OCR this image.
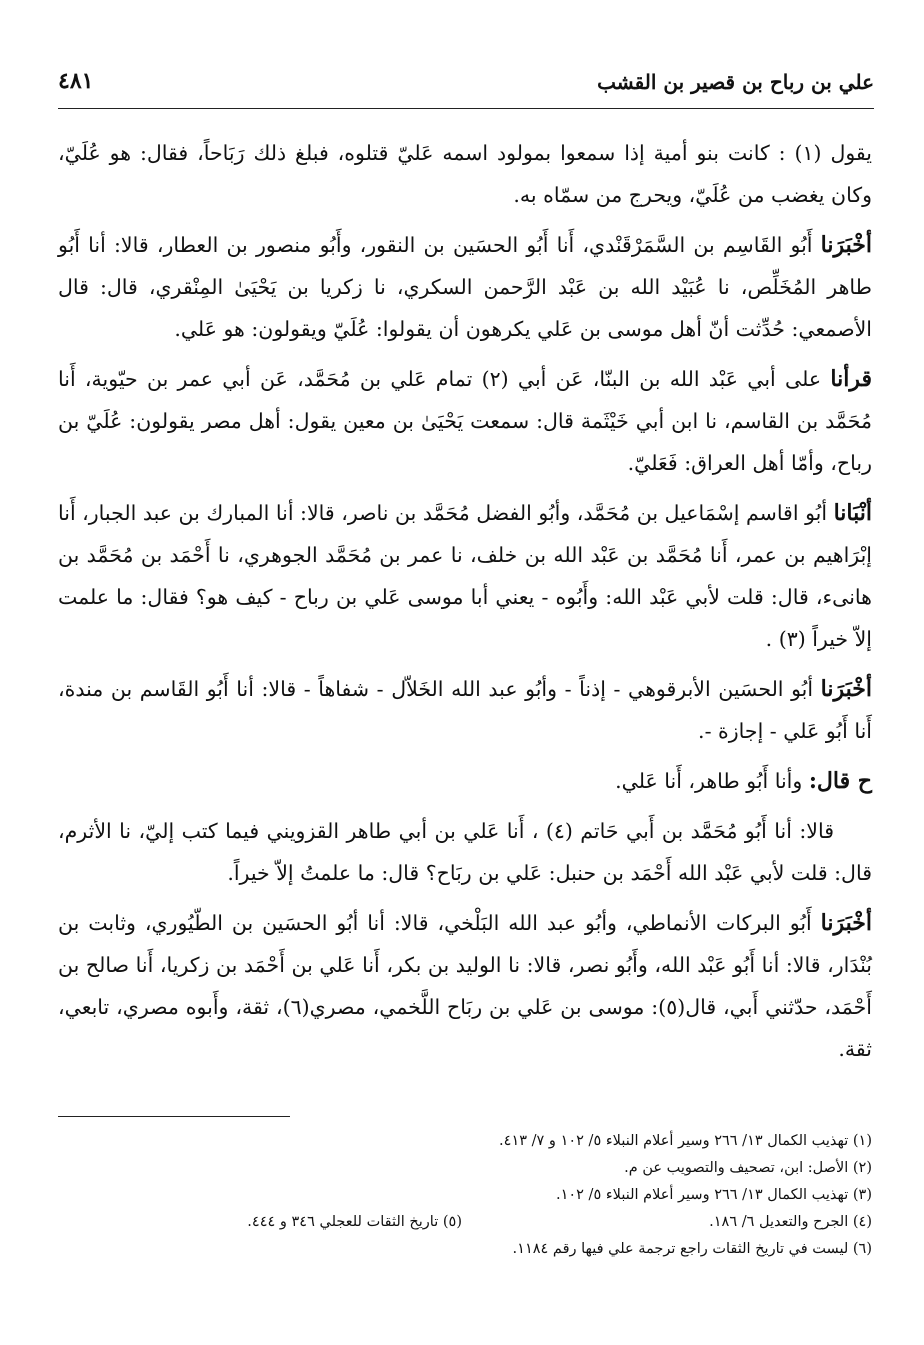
علي بن رباح بن قصير بن القشب
٤٨١

يقول (١) : كانت بنو أمية إذا سمعوا بمولود اسمه عَليّ قتلوه، فبلغ ذلك رَبَاحاً، فقال: هو عُلَيّ، وكان يغضب من عُلَيّ، ويحرج من سمّاه به.

أخْبَرَنا أَبُو القَاسِم بن السَّمَرْقَنْدي، أَنا أَبُو الحسَين بن النقور، وأَبُو منصور بن العطار، قالا: أنا أَبُو طاهر المُخَلِّص، نا عُبَيْد الله بن عَبْد الرَّحمن السكري، نا زكريا بن يَحْيَىٰ المِنْقري، قال: قال الأصمعي: حُدِّثت أنّ أهل موسى بن عَلي يكرهون أن يقولوا: عُلَيّ ويقولون: هو عَلي.

قرأنا على أبي عَبْد الله بن البنّا، عَن أبي (٢) تمام عَلي بن مُحَمَّد، عَن أبي عمر بن حيّوية، أَنا مُحَمَّد بن القاسم، نا ابن أبي خَيْثَمة قال: سمعت يَحْيَىٰ بن معين يقول: أهل مصر يقولون: عُلَيّ بن رباح، وأمّا أهل العراق: فَعَليّ.

أنْبَانا أبُو اقاسم إسْمَاعيل بن مُحَمَّد، وأبُو الفضل مُحَمَّد بن ناصر، قالا: أنا المبارك بن عبد الجبار، أَنا إبْرَاهيم بن عمر، أَنا مُحَمَّد بن عَبْد الله بن خلف، نا عمر بن مُحَمَّد الجوهري، نا أَحْمَد بن مُحَمَّد بن هانىء، قال: قلت لأبي عَبْد الله: وأَبُوه - يعني أبا موسى عَلي بن رباح - كيف هو؟ فقال: ما علمت إلاّ خيراً (٣) .

أخْبَرَنا أبُو الحسَين الأبرقوهي - إذناً - وأبُو عبد الله الخَلاّل - شفاهاً - قالا: أنا أَبُو القَاسم بن مندة، أَنا أَبُو عَلي - إجازة -.

ح قال: وأنا أَبُو طاهر، أَنا عَلي.

قالا: أنا أَبُو مُحَمَّد بن أَبي حَاتم (٤) ، أَنا عَلي بن أبي طاهر القزويني فيما كتب إليّ، نا الأثرم، قال: قلت لأبي عَبْد الله أَحْمَد بن حنبل: عَلي بن ربَاح؟ قال: ما علمتُ إلاّ خيراً.

أخْبَرَنا أَبُو البركات الأنماطي، وأبُو عبد الله البَلْخي، قالا: أنا أبُو الحسَين بن الطّيُوري، وثابت بن بُنْدَار، قالا: أنا أَبُو عَبْد الله، وأَبُو نصر، قالا: نا الوليد بن بكر، أَنا عَلي بن أَحْمَد بن زكريا، أَنا صالح بن أَحْمَد، حدّثني أَبي، قال(٥): موسى بن عَلي بن ربَاح اللَّخمي، مصري(٦)، ثقة، وأَبوه مصري، تابعي، ثقة.

(١) تهذيب الكمال ١٣/ ٢٦٦ وسير أعلام النبلاء ٥/ ١٠٢ و ٧/ ٤١٣.
(٢) الأصل: ابن، تصحيف والتصويب عن م.
(٣) تهذيب الكمال ١٣/ ٢٦٦ وسير أعلام النبلاء ٥/ ١٠٢.
(٤) الجرح والتعديل ٦/ ١٨٦.
(٥) تاريخ الثقات للعجلي ٣٤٦ و ٤٤٤.
(٦) ليست في تاريخ الثقات راجع ترجمة علي فيها رقم ١١٨٤.
